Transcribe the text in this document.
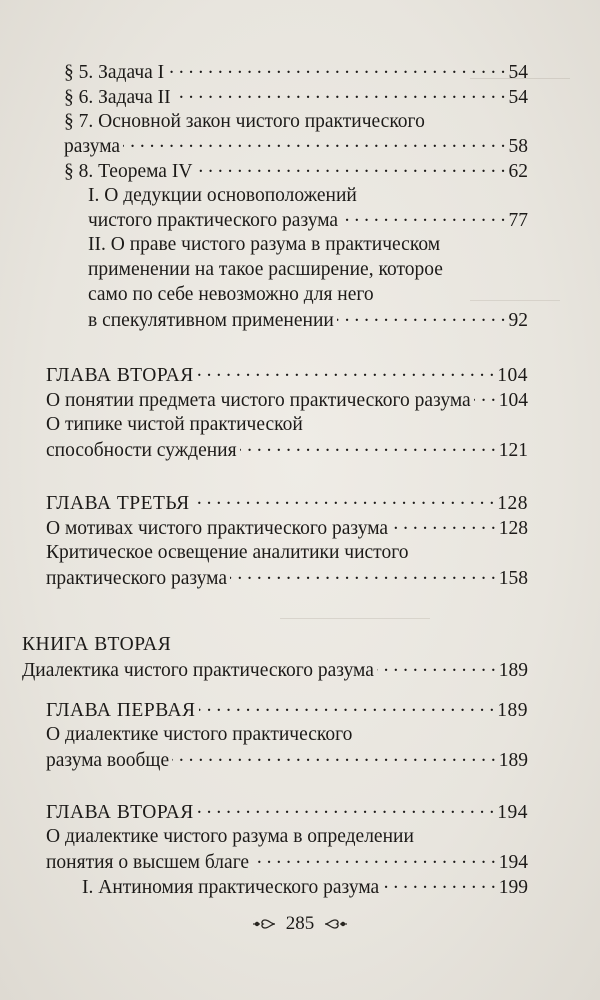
§ 5. Задача I . . .	54
§ 6. Задача II . . .	54
§ 7. Основной закон чистого практического
разума . . .	58
§ 8. Теорема IV . . .	62
I. О дедукции основоположений
чистого практического разума . . .	77
II. О праве чистого разума в практическом
применении на такое расширение, которое
само по себе невозможно для него
в спекулятивном применении . . .	92
ГЛАВА ВТОРАЯ . . .	104
О понятии предмета чистого практического разума . . . 104
О типике чистой практической
способности суждения . . .	121
ГЛАВА ТРЕТЬЯ . . .	128
О мотивах чистого практического разума . . .	128
Критическое освещение аналитики чистого
практического разума . . .	158
КНИГА ВТОРАЯ
Диалектика чистого практического разума . . .	189
ГЛАВА ПЕРВАЯ . . .	189
О диалектике чистого практического
разума вообще . . .	189
ГЛАВА ВТОРАЯ . . .	194
О диалектике чистого разума в определении
понятия о высшем благе . . .	194
I. Антиномия практического разума . . .	199
285
